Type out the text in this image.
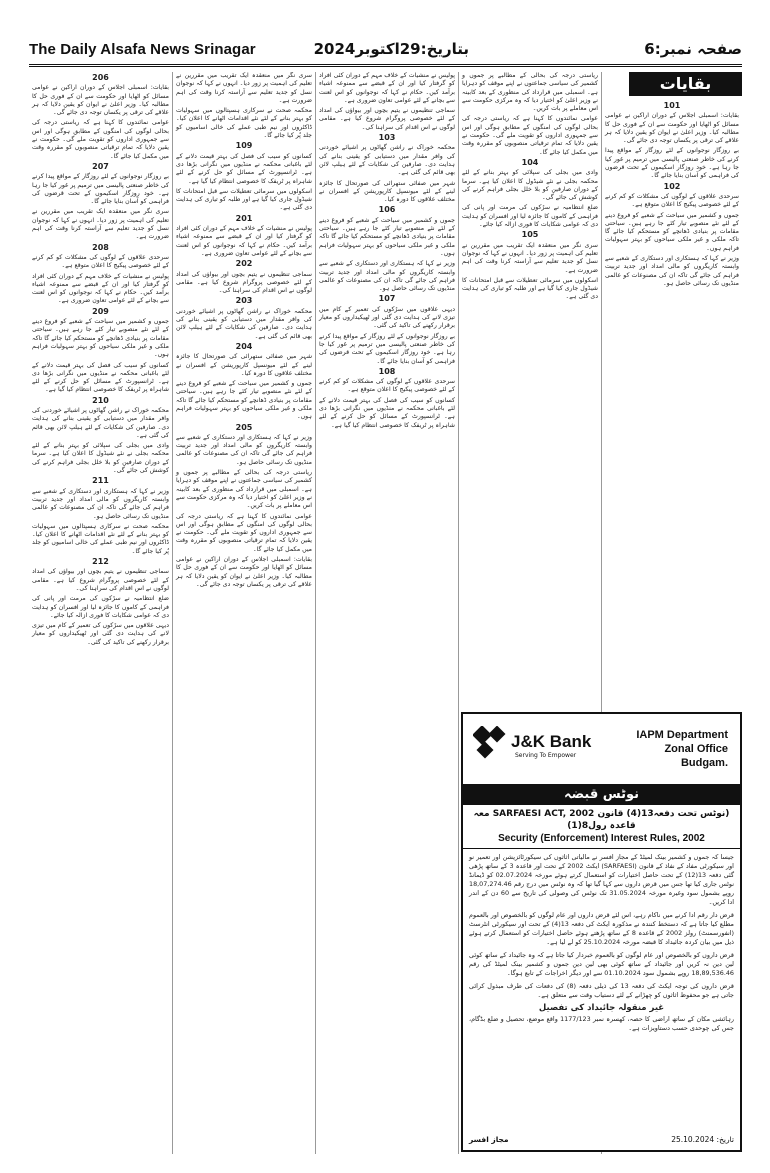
The Daily Alsafa News Srinagar	صفحہ نمبر:6 بتاریخ:29اکتوبر2024
206

بقایات: اسمبلی اجلاس کے دوران اراکین نے عوامی مسائل کو اٹھایا اور حکومت سے ان کے فوری حل کا مطالبہ کیا۔ وزیر اعلیٰ نے ایوان کو یقین دلایا کہ ہر علاقے کی ترقی پر یکساں توجہ دی جائے گی۔

عوامی نمائندوں کا کہنا ہے کہ ریاستی درجہ کی بحالی لوگوں کی امنگوں کے مطابق ہوگی اور اس سے جمہوری اداروں کو تقویت ملے گی۔ حکومت نے یقین دلایا کہ تمام ترقیاتی منصوبوں کو مقررہ وقت میں مکمل کیا جائے گا۔

207

بے روزگار نوجوانوں کے لئے روزگار کے مواقع پیدا کرنے کی خاطر صنعتی پالیسی میں ترمیم پر غور کیا جا رہا ہے۔ خود روزگار اسکیموں کے تحت قرضوں کی فراہمی کو آسان بنایا جائے گا۔

سری نگر میں منعقدہ ایک تقریب میں مقررین نے تعلیم کی اہمیت پر زور دیا۔ انہوں نے کہا کہ نوجوان نسل کو جدید تعلیم سے آراستہ کرنا وقت کی اہم ضرورت ہے۔

208

سرحدی علاقوں کے لوگوں کی مشکلات کو کم کرنے کے لئے خصوصی پیکیج کا اعلان متوقع ہے۔

پولیس نے منشیات کے خلاف مہم کے دوران کئی افراد کو گرفتار کیا اور ان کے قبضے سے ممنوعہ اشیاء برآمد کیں۔ حکام نے کہا کہ نوجوانوں کو اس لعنت سے بچانے کے لئے عوامی تعاون ضروری ہے۔

209

جموں و کشمیر میں سیاحت کے شعبے کو فروغ دینے کے لئے نئے منصوبے تیار کئے جا رہے ہیں۔ سیاحتی مقامات پر بنیادی ڈھانچے کو مستحکم کیا جائے گا تاکہ ملکی و غیر ملکی سیاحوں کو بہتر سہولیات فراہم ہوں۔

کسانوں کو سیب کی فصل کی بہتر قیمت دلانے کے لئے باغبانی محکمہ نے منڈیوں میں نگرانی بڑھا دی ہے۔ ٹرانسپورٹ کے مسائل کو حل کرنے کے لئے شاہراہ پر ٹریفک کا خصوصی انتظام کیا گیا ہے۔

210

محکمہ خوراک نے راشن گھاٹوں پر اشیائے خوردنی کی وافر مقدار میں دستیابی کو یقینی بنانے کی ہدایت دی۔ صارفین کی شکایات کے لئے ہیلپ لائن بھی قائم کی گئی ہے۔

وادی میں بجلی کی سپلائی کو بہتر بنانے کے لئے محکمہ بجلی نے نئے شیڈول کا اعلان کیا ہے۔ سرما کے دوران صارفین کو بلا خلل بجلی فراہم کرنے کی کوشش کی جائے گی۔

211

وزیر نے کہا کہ ہستکاری اور دستکاری کے شعبے سے وابستہ کاریگروں کو مالی امداد اور جدید تربیت فراہم کی جائے گی تاکہ ان کی مصنوعات کو عالمی منڈیوں تک رسائی حاصل ہو۔

محکمہ صحت نے سرکاری ہسپتالوں میں سہولیات کو بہتر بنانے کے لئے نئے اقدامات اٹھانے کا اعلان کیا۔ ڈاکٹروں اور نیم طبی عملے کی خالی اسامیوں کو جلد پُر کیا جائے گا۔

212

سماجی تنظیموں نے یتیم بچوں اور بیواؤں کی امداد کے لئے خصوصی پروگرام شروع کیا ہے۔ مقامی لوگوں نے اس اقدام کی سراہنا کی۔

ضلع انتظامیہ نے سڑکوں کی مرمت اور پانی کی فراہمی کے کاموں کا جائزہ لیا اور افسران کو ہدایت دی کہ عوامی شکایات کا فوری ازالہ کیا جائے۔

دیہی علاقوں میں سڑکوں کی تعمیر کے کام میں تیزی لانے کی ہدایت دی گئی اور ٹھیکیداروں کو معیار برقرار رکھنے کی تاکید کی گئی۔

سری نگر میں منعقدہ ایک تقریب میں مقررین نے تعلیم کی اہمیت پر زور دیا۔ انہوں نے کہا کہ نوجوان نسل کو جدید تعلیم سے آراستہ کرنا وقت کی اہم ضرورت ہے۔

محکمہ صحت نے سرکاری ہسپتالوں میں سہولیات کو بہتر بنانے کے لئے نئے اقدامات اٹھانے کا اعلان کیا۔ ڈاکٹروں اور نیم طبی عملے کی خالی اسامیوں کو جلد پُر کیا جائے گا۔

109

کسانوں کو سیب کی فصل کی بہتر قیمت دلانے کے لئے باغبانی محکمہ نے منڈیوں میں نگرانی بڑھا دی ہے۔ ٹرانسپورٹ کے مسائل کو حل کرنے کے لئے شاہراہ پر ٹریفک کا خصوصی انتظام کیا گیا ہے۔

اسکولوں میں سرمائی تعطیلات سے قبل امتحانات کا شیڈول جاری کیا گیا ہے اور طلبہ کو تیاری کی ہدایت دی گئی ہے۔

201

پولیس نے منشیات کے خلاف مہم کے دوران کئی افراد کو گرفتار کیا اور ان کے قبضے سے ممنوعہ اشیاء برآمد کیں۔ حکام نے کہا کہ نوجوانوں کو اس لعنت سے بچانے کے لئے عوامی تعاون ضروری ہے۔

202

سماجی تنظیموں نے یتیم بچوں اور بیواؤں کی امداد کے لئے خصوصی پروگرام شروع کیا ہے۔ مقامی لوگوں نے اس اقدام کی سراہنا کی۔

203

محکمہ خوراک نے راشن گھاٹوں پر اشیائے خوردنی کی وافر مقدار میں دستیابی کو یقینی بنانے کی ہدایت دی۔ صارفین کی شکایات کے لئے ہیلپ لائن بھی قائم کی گئی ہے۔

204

شہر میں صفائی ستھرائی کی صورتحال کا جائزہ لینے کے لئے میونسپل کارپوریشن کے افسران نے مختلف علاقوں کا دورہ کیا۔

جموں و کشمیر میں سیاحت کے شعبے کو فروغ دینے کے لئے نئے منصوبے تیار کئے جا رہے ہیں۔ سیاحتی مقامات پر بنیادی ڈھانچے کو مستحکم کیا جائے گا تاکہ ملکی و غیر ملکی سیاحوں کو بہتر سہولیات فراہم ہوں۔

205

وزیر نے کہا کہ ہستکاری اور دستکاری کے شعبے سے وابستہ کاریگروں کو مالی امداد اور جدید تربیت فراہم کی جائے گی تاکہ ان کی مصنوعات کو عالمی منڈیوں تک رسائی حاصل ہو۔

ریاستی درجہ کی بحالی کے مطالبے پر جموں و کشمیر کی سیاسی جماعتوں نے اپنے موقف کو دہرایا ہے۔ اسمبلی میں قرارداد کی منظوری کے بعد کابینہ نے وزیر اعلیٰ کو اختیار دیا کہ وہ مرکزی حکومت سے اس معاملے پر بات کریں۔

عوامی نمائندوں کا کہنا ہے کہ ریاستی درجہ کی بحالی لوگوں کی امنگوں کے مطابق ہوگی اور اس سے جمہوری اداروں کو تقویت ملے گی۔ حکومت نے یقین دلایا کہ تمام ترقیاتی منصوبوں کو مقررہ وقت میں مکمل کیا جائے گا۔

بقایات: اسمبلی اجلاس کے دوران اراکین نے عوامی مسائل کو اٹھایا اور حکومت سے ان کے فوری حل کا مطالبہ کیا۔ وزیر اعلیٰ نے ایوان کو یقین دلایا کہ ہر علاقے کی ترقی پر یکساں توجہ دی جائے گی۔

پولیس نے منشیات کے خلاف مہم کے دوران کئی افراد کو گرفتار کیا اور ان کے قبضے سے ممنوعہ اشیاء برآمد کیں۔ حکام نے کہا کہ نوجوانوں کو اس لعنت سے بچانے کے لئے عوامی تعاون ضروری ہے۔

سماجی تنظیموں نے یتیم بچوں اور بیواؤں کی امداد کے لئے خصوصی پروگرام شروع کیا ہے۔ مقامی لوگوں نے اس اقدام کی سراہنا کی۔

103

محکمہ خوراک نے راشن گھاٹوں پر اشیائے خوردنی کی وافر مقدار میں دستیابی کو یقینی بنانے کی ہدایت دی۔ صارفین کی شکایات کے لئے ہیلپ لائن بھی قائم کی گئی ہے۔

شہر میں صفائی ستھرائی کی صورتحال کا جائزہ لینے کے لئے میونسپل کارپوریشن کے افسران نے مختلف علاقوں کا دورہ کیا۔

106

جموں و کشمیر میں سیاحت کے شعبے کو فروغ دینے کے لئے نئے منصوبے تیار کئے جا رہے ہیں۔ سیاحتی مقامات پر بنیادی ڈھانچے کو مستحکم کیا جائے گا تاکہ ملکی و غیر ملکی سیاحوں کو بہتر سہولیات فراہم ہوں۔

وزیر نے کہا کہ ہستکاری اور دستکاری کے شعبے سے وابستہ کاریگروں کو مالی امداد اور جدید تربیت فراہم کی جائے گی تاکہ ان کی مصنوعات کو عالمی منڈیوں تک رسائی حاصل ہو۔

107

دیہی علاقوں میں سڑکوں کی تعمیر کے کام میں تیزی لانے کی ہدایت دی گئی اور ٹھیکیداروں کو معیار برقرار رکھنے کی تاکید کی گئی۔

بے روزگار نوجوانوں کے لئے روزگار کے مواقع پیدا کرنے کی خاطر صنعتی پالیسی میں ترمیم پر غور کیا جا رہا ہے۔ خود روزگار اسکیموں کے تحت قرضوں کی فراہمی کو آسان بنایا جائے گا۔

108

سرحدی علاقوں کے لوگوں کی مشکلات کو کم کرنے کے لئے خصوصی پیکیج کا اعلان متوقع ہے۔

کسانوں کو سیب کی فصل کی بہتر قیمت دلانے کے لئے باغبانی محکمہ نے منڈیوں میں نگرانی بڑھا دی ہے۔ ٹرانسپورٹ کے مسائل کو حل کرنے کے لئے شاہراہ پر ٹریفک کا خصوصی انتظام کیا گیا ہے۔

ریاستی درجہ کی بحالی کے مطالبے پر جموں و کشمیر کی سیاسی جماعتوں نے اپنے موقف کو دہرایا ہے۔ اسمبلی میں قرارداد کی منظوری کے بعد کابینہ نے وزیر اعلیٰ کو اختیار دیا کہ وہ مرکزی حکومت سے اس معاملے پر بات کریں۔

عوامی نمائندوں کا کہنا ہے کہ ریاستی درجہ کی بحالی لوگوں کی امنگوں کے مطابق ہوگی اور اس سے جمہوری اداروں کو تقویت ملے گی۔ حکومت نے یقین دلایا کہ تمام ترقیاتی منصوبوں کو مقررہ وقت میں مکمل کیا جائے گا۔

104

وادی میں بجلی کی سپلائی کو بہتر بنانے کے لئے محکمہ بجلی نے نئے شیڈول کا اعلان کیا ہے۔ سرما کے دوران صارفین کو بلا خلل بجلی فراہم کرنے کی کوشش کی جائے گی۔

ضلع انتظامیہ نے سڑکوں کی مرمت اور پانی کی فراہمی کے کاموں کا جائزہ لیا اور افسران کو ہدایت دی کہ عوامی شکایات کا فوری ازالہ کیا جائے۔

105

سری نگر میں منعقدہ ایک تقریب میں مقررین نے تعلیم کی اہمیت پر زور دیا۔ انہوں نے کہا کہ نوجوان نسل کو جدید تعلیم سے آراستہ کرنا وقت کی اہم ضرورت ہے۔

اسکولوں میں سرمائی تعطیلات سے قبل امتحانات کا شیڈول جاری کیا گیا ہے اور طلبہ کو تیاری کی ہدایت دی گئی ہے۔

101

بقایات: اسمبلی اجلاس کے دوران اراکین نے عوامی مسائل کو اٹھایا اور حکومت سے ان کے فوری حل کا مطالبہ کیا۔ وزیر اعلیٰ نے ایوان کو یقین دلایا کہ ہر علاقے کی ترقی پر یکساں توجہ دی جائے گی۔

بے روزگار نوجوانوں کے لئے روزگار کے مواقع پیدا کرنے کی خاطر صنعتی پالیسی میں ترمیم پر غور کیا جا رہا ہے۔ خود روزگار اسکیموں کے تحت قرضوں کی فراہمی کو آسان بنایا جائے گا۔

102

سرحدی علاقوں کے لوگوں کی مشکلات کو کم کرنے کے لئے خصوصی پیکیج کا اعلان متوقع ہے۔

جموں و کشمیر میں سیاحت کے شعبے کو فروغ دینے کے لئے نئے منصوبے تیار کئے جا رہے ہیں۔ سیاحتی مقامات پر بنیادی ڈھانچے کو مستحکم کیا جائے گا تاکہ ملکی و غیر ملکی سیاحوں کو بہتر سہولیات فراہم ہوں۔

وزیر نے کہا کہ ہستکاری اور دستکاری کے شعبے سے وابستہ کاریگروں کو مالی امداد اور جدید تربیت فراہم کی جائے گی تاکہ ان کی مصنوعات کو عالمی منڈیوں تک رسائی حاصل ہو۔

بقایات
J&K Bank
Serving To Empower
IAPM Department
Zonal Office Budgam.
نوٹس قبضہ
(نوٹس تحت دفعہ13(4) قانون SARFAESI ACT, 2002 معہ قاعدہ رول8(1)
Security (Enforcement) Interest Rules, 2002

جیسا کہ جموں و کشمیر بینک لمیٹڈ کے مجاز افسر نے مالیاتی اثاثوں کی سیکورٹائزیشن اور تعمیر نو اور سیکورٹی مفاد کے نفاذ کے قانون (SARFAESI) ایکٹ 2002 کے تحت اور قاعدہ 3 کے ساتھ پڑھی گئی دفعہ 13(12) کے تحت حاصل اختیارات کو استعمال کرتے ہوئے مورخہ 02.07.2024 کو ڈیمانڈ نوٹس جاری کیا تھا جس میں قرض داروں سے کہا گیا تھا کہ وہ نوٹس میں درج رقم 18,07,274.46 روپے بشمول سود وغیرہ مورخہ 31.05.2024 تک نوٹس کی وصولی کی تاریخ سے 60 دن کے اندر ادا کریں۔

قرض دار رقم ادا کرنے میں ناکام رہے، اس لئے قرض داروں اور عام لوگوں کو بالخصوص اور بالعموم مطلع کیا جاتا ہے کہ دستخط کنندہ نے مذکورہ ایکٹ کی دفعہ 13(4) کے تحت اور سیکورٹی انٹرسٹ (انفورسمنٹ) رولز 2002 کے قاعدہ 8 کے ساتھ پڑھتے ہوئے حاصل اختیارات کو استعمال کرتے ہوئے ذیل میں بیان کردہ جائیداد کا قبضہ مورخہ 25.10.2024 کو لے لیا ہے۔

قرض داروں کو بالخصوص اور عام لوگوں کو بالعموم خبردار کیا جاتا ہے کہ وہ جائیداد کے ساتھ کوئی لین دین نہ کریں اور جائیداد کے ساتھ کوئی بھی لین دین جموں و کشمیر بینک لمیٹڈ کی رقم 18,89,536.46 روپے بشمول سود 01.10.2024 سے اور دیگر اخراجات کے تابع ہوگا۔

قرض داروں کی توجہ ایکٹ کی دفعہ 13 کی ذیلی دفعہ (8) کی دفعات کی طرف مبذول کرائی جاتی ہے جو محفوظ اثاثوں کو چھڑانے کے لئے دستیاب وقت سے متعلق ہے۔

غیر منقولہ جائیداد کی تفصیل

رہائشی مکان کے ساتھ اراضی کا حصہ، کھسرہ نمبر 1177/123 واقع موضع، تحصیل و ضلع بڈگام، جس کی چوحدی حسب دستاویزات ہے۔

مجاز افسر	تاریخ: 25.10.2024
